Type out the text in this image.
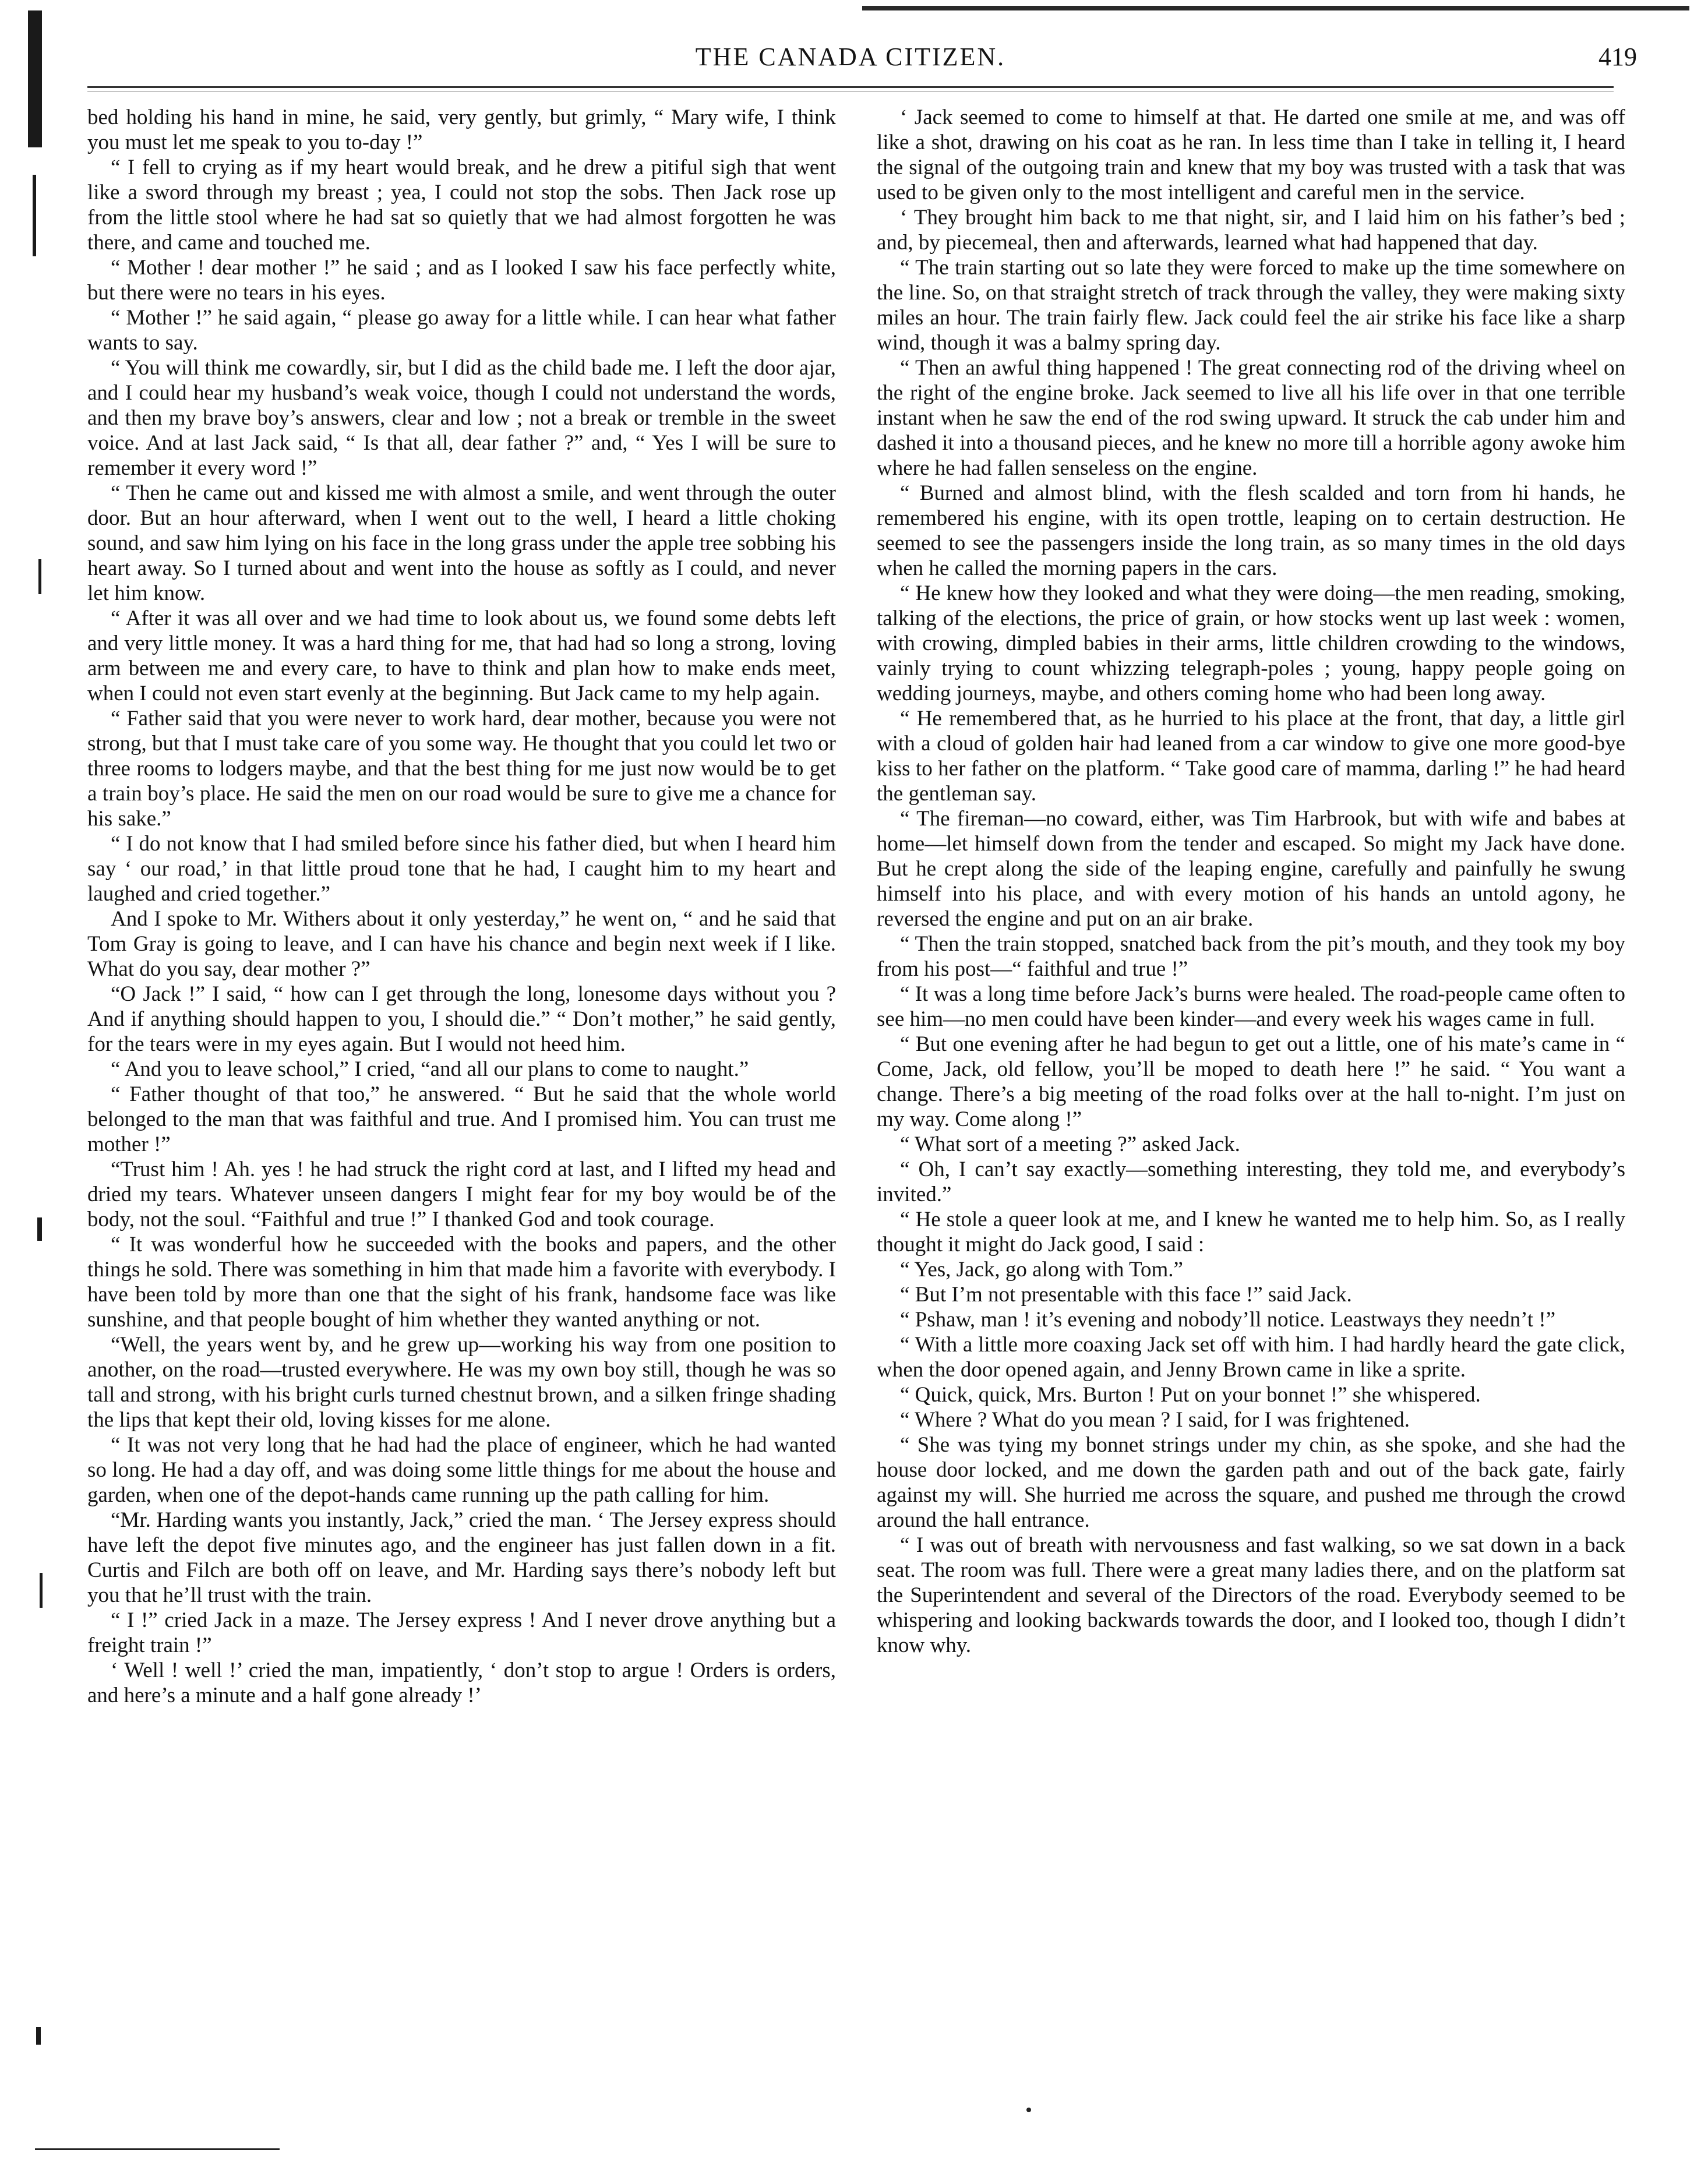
THE CANADA CITIZEN.	419

bed holding his hand in mine, he said, very gently, but grimly, “ Mary wife, I think you must let me speak to you to-day !”

“ I fell to crying as if my heart would break, and he drew a pitiful sigh that went like a sword through my breast ; yea, I could not stop the sobs. Then Jack rose up from the little stool where he had sat so quietly that we had almost forgotten he was there, and came and touched me.

“ Mother ! dear mother !” he said ; and as I looked I saw his face perfectly white, but there were no tears in his eyes.

“ Mother !” he said again, “ please go away for a little while. I can hear what father wants to say.

“ You will think me cowardly, sir, but I did as the child bade me. I left the door ajar, and I could hear my husband’s weak voice, though I could not understand the words, and then my brave boy’s answers, clear and low ; not a break or tremble in the sweet voice. And at last Jack said, “ Is that all, dear father ?” and, “ Yes I will be sure to remember it every word !”

“ Then he came out and kissed me with almost a smile, and went through the outer door. But an hour afterward, when I went out to the well, I heard a little choking sound, and saw him lying on his face in the long grass under the apple tree sobbing his heart away. So I turned about and went into the house as softly as I could, and never let him know.

“ After it was all over and we had time to look about us, we found some debts left and very little money. It was a hard thing for me, that had had so long a strong, loving arm between me and every care, to have to think and plan how to make ends meet, when I could not even start evenly at the beginning. But Jack came to my help again.

“ Father said that you were never to work hard, dear mother, because you were not strong, but that I must take care of you some way. He thought that you could let two or three rooms to lodgers maybe, and that the best thing for me just now would be to get a train boy’s place. He said the men on our road would be sure to give me a chance for his sake.”

“ I do not know that I had smiled before since his father died, but when I heard him say ‘ our road,’ in that little proud tone that he had, I caught him to my heart and laughed and cried together.”

And I spoke to Mr. Withers about it only yesterday,” he went on, “ and he said that Tom Gray is going to leave, and I can have his chance and begin next week if I like. What do you say, dear mother ?”

“O Jack !” I said, “ how can I get through the long, lonesome days without you ? And if anything should happen to you, I should die.” “ Don’t mother,” he said gently, for the tears were in my eyes again. But I would not heed him.

“ And you to leave school,” I cried, “and all our plans to come to naught.”

“ Father thought of that too,” he answered. “ But he said that the whole world belonged to the man that was faithful and true. And I promised him. You can trust me mother !”

“Trust him ! Ah. yes ! he had struck the right cord at last, and I lifted my head and dried my tears. Whatever unseen dangers I might fear for my boy would be of the body, not the soul. “Faithful and true !” I thanked God and took courage.

“ It was wonderful how he succeeded with the books and papers, and the other things he sold. There was something in him that made him a favorite with everybody. I have been told by more than one that the sight of his frank, handsome face was like sunshine, and that people bought of him whether they wanted anything or not.

“Well, the years went by, and he grew up—working his way from one position to another, on the road—trusted everywhere. He was my own boy still, though he was so tall and strong, with his bright curls turned chestnut brown, and a silken fringe shading the lips that kept their old, loving kisses for me alone.

“ It was not very long that he had had the place of engineer, which he had wanted so long. He had a day off, and was doing some little things for me about the house and garden, when one of the depot-hands came running up the path calling for him.

“Mr. Harding wants you instantly, Jack,” cried the man. ‘ The Jersey express should have left the depot five minutes ago, and the engineer has just fallen down in a fit. Curtis and Filch are both off on leave, and Mr. Harding says there’s nobody left but you that he’ll trust with the train.

“ I !” cried Jack in a maze. The Jersey express ! And I never drove anything but a freight train !”

‘ Well ! well !’ cried the man, impatiently, ‘ don’t stop to argue ! Orders is orders, and here’s a minute and a half gone already !’

‘ Jack seemed to come to himself at that. He darted one smile at me, and was off like a shot, drawing on his coat as he ran. In less time than I take in telling it, I heard the signal of the outgoing train and knew that my boy was trusted with a task that was used to be given only to the most intelligent and careful men in the service.

‘ They brought him back to me that night, sir, and I laid him on his father’s bed ; and, by piecemeal, then and afterwards, learned what had happened that day.

“ The train starting out so late they were forced to make up the time somewhere on the line. So, on that straight stretch of track through the valley, they were making sixty miles an hour. The train fairly flew. Jack could feel the air strike his face like a sharp wind, though it was a balmy spring day.

“ Then an awful thing happened ! The great connecting rod of the driving wheel on the right of the engine broke. Jack seemed to live all his life over in that one terrible instant when he saw the end of the rod swing upward. It struck the cab under him and dashed it into a thousand pieces, and he knew no more till a horrible agony awoke him where he had fallen senseless on the engine.

“ Burned and almost blind, with the flesh scalded and torn from hi hands, he remembered his engine, with its open trottle, leaping on to certain destruction. He seemed to see the passengers inside the long train, as so many times in the old days when he called the morning papers in the cars.

“ He knew how they looked and what they were doing—the men reading, smoking, talking of the elections, the price of grain, or how stocks went up last week : women, with crowing, dimpled babies in their arms, little children crowding to the windows, vainly trying to count whizzing telegraph-poles ; young, happy people going on wedding journeys, maybe, and others coming home who had been long away.

“ He remembered that, as he hurried to his place at the front, that day, a little girl with a cloud of golden hair had leaned from a car window to give one more good-bye kiss to her father on the platform. “ Take good care of mamma, darling !” he had heard the gentleman say.

“ The fireman—no coward, either, was Tim Harbrook, but with wife and babes at home—let himself down from the tender and escaped. So might my Jack have done. But he crept along the side of the leaping engine, carefully and painfully he swung himself into his place, and with every motion of his hands an untold agony, he reversed the engine and put on an air brake.

“ Then the train stopped, snatched back from the pit’s mouth, and they took my boy from his post—“ faithful and true !”

“ It was a long time before Jack’s burns were healed. The road-people came often to see him—no men could have been kinder—and every week his wages came in full.

“ But one evening after he had begun to get out a little, one of his mate’s came in “ Come, Jack, old fellow, you’ll be moped to death here !” he said. “ You want a change. There’s a big meeting of the road folks over at the hall to-night. I’m just on my way. Come along !”

“ What sort of a meeting ?” asked Jack.

“ Oh, I can’t say exactly—something interesting, they told me, and everybody’s invited.”

“ He stole a queer look at me, and I knew he wanted me to help him. So, as I really thought it might do Jack good, I said :

“ Yes, Jack, go along with Tom.”

“ But I’m not presentable with this face !” said Jack.

“ Pshaw, man ! it’s evening and nobody’ll notice. Leastways they needn’t !”

“ With a little more coaxing Jack set off with him. I had hardly heard the gate click, when the door opened again, and Jenny Brown came in like a sprite.

“ Quick, quick, Mrs. Burton ! Put on your bonnet !” she whispered.

“ Where ? What do you mean ? I said, for I was frightened.

“ She was tying my bonnet strings under my chin, as she spoke, and she had the house door locked, and me down the garden path and out of the back gate, fairly against my will. She hurried me across the square, and pushed me through the crowd around the hall entrance.

“ I was out of breath with nervousness and fast walking, so we sat down in a back seat. The room was full. There were a great many ladies there, and on the platform sat the Superintendent and several of the Directors of the road. Everybody seemed to be whispering and looking backwards towards the door, and I looked too, though I didn’t know why.
